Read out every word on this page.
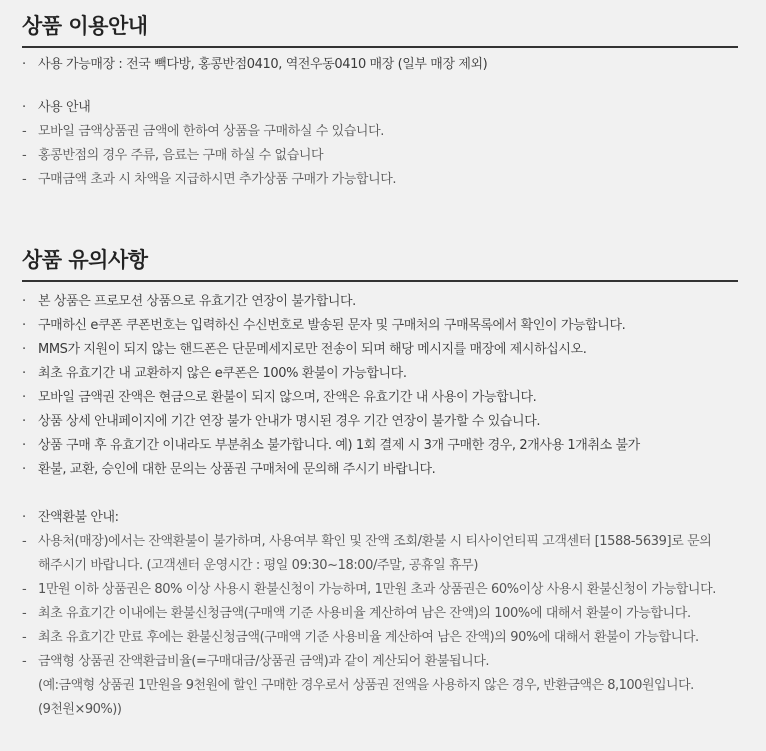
상품 이용안내
· 사용 가능매장 : 전국 빽다방, 홍콩반점0410, 역전우동0410 매장 (일부 매장 제외)
· 사용 안내
- 모바일 금액상품권 금액에 한하여 상품을 구매하실 수 있습니다.
- 홍콩반점의 경우 주류, 음료는 구매 하실 수 없습니다
- 구매금액 초과 시 차액을 지급하시면 추가상품 구매가 가능합니다.
상품 유의사항
· 본 상품은 프로모션 상품으로 유효기간 연장이 불가합니다.
· 구매하신 e쿠폰 쿠폰번호는 입력하신 수신번호로 발송된 문자 및 구매처의 구매목록에서 확인이 가능합니다.
· MMS가 지원이 되지 않는 핸드폰은 단문메세지로만 전송이 되며 해당 메시지를 매장에 제시하십시오.
· 최초 유효기간 내 교환하지 않은 e쿠폰은 100% 환불이 가능합니다.
· 모바일 금액권 잔액은 현금으로 환불이 되지 않으며, 잔액은 유효기간 내 사용이 가능합니다.
· 상품 상세 안내페이지에 기간 연장 불가 안내가 명시된 경우 기간 연장이 불가할 수 있습니다.
· 상품 구매 후 유효기간 이내라도 부분취소 불가합니다. 예) 1회 결제 시 3개 구매한 경우, 2개사용 1개취소 불가
· 환불, 교환, 승인에 대한 문의는 상품권 구매처에 문의해 주시기 바랍니다.
· 잔액환불 안내:
- 사용처(매장)에서는 잔액환불이 불가하며, 사용여부 확인 및 잔액 조회/환불 시 티사이언티픽 고객센터 [1588-5639]로 문의
해주시기 바랍니다. (고객센터 운영시간 : 평일 09:30~18:00/주말, 공휴일 휴무)
- 1만원 이하 상품권은 80% 이상 사용시 환불신청이 가능하며, 1만원 초과 상품권은 60%이상 사용시 환불신청이 가능합니다.
- 최초 유효기간 이내에는 환불신청금액(구매액 기준 사용비율 계산하여 남은 잔액)의 100%에 대해서 환불이 가능합니다.
- 최초 유효기간 만료 후에는 환불신청금액(구매액 기준 사용비율 계산하여 남은 잔액)의 90%에 대해서 환불이 가능합니다.
- 금액형 상품권 잔액환급비율(=구매대금/상품권 금액)과 같이 계산되어 환불됩니다.
(예:금액형 상품권 1만원을 9천원에 할인 구매한 경우로서 상품권 전액을 사용하지 않은 경우, 반환금액은 8,100원입니다.
(9천원×90%))
